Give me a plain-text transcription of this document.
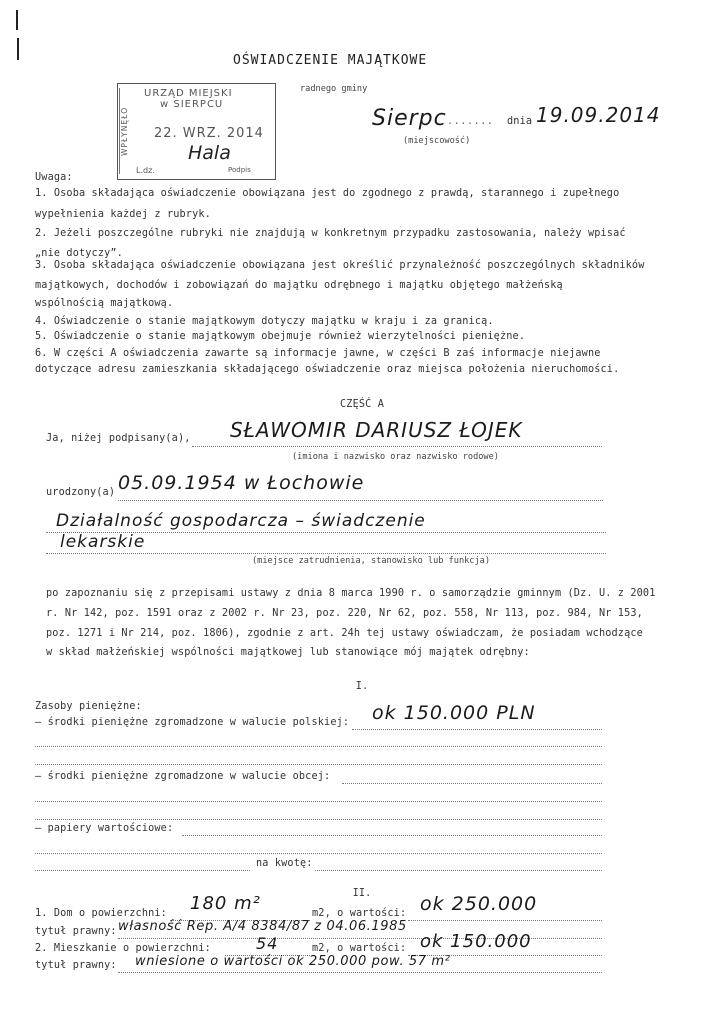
OŚWIADCZENIE MAJĄTKOWE
radnego gminy
Sierpc ....... dnia 19.09.2014
(miejscowość)
WPŁYNĘŁO
URZĄD MIEJSKI
w SIERPCU
22. WRZ. 2014
Hala
L.dz.	Podpis
Uwaga:
1. Osoba składająca oświadczenie obowiązana jest do zgodnego z prawdą, starannego i zupełnego
wypełnienia każdej z rubryk.
2. Jeżeli poszczególne rubryki nie znajdują w konkretnym przypadku zastosowania, należy wpisać
„nie dotyczy”.
3. Osoba składająca oświadczenie obowiązana jest określić przynależność poszczególnych składników
majątkowych, dochodów i zobowiązań do majątku odrębnego i majątku objętego małżeńską
wspólnością majątkową.
4. Oświadczenie o stanie majątkowym dotyczy majątku w kraju i za granicą.
5. Oświadczenie o stanie majątkowym obejmuje również wierzytelności pieniężne.
6. W części A oświadczenia zawarte są informacje jawne, w części B zaś informacje niejawne
dotyczące adresu zamieszkania składającego oświadczenie oraz miejsca położenia nieruchomości.
CZĘŚĆ A
Ja, niżej podpisany(a), SŁAWOMIR DARIUSZ ŁOJEK
(imiona i nazwisko oraz nazwisko rodowe)
urodzony(a) 05.09.1954 w Łochowie
Działalność gospodarcza – świadczenie
lekarskie
(miejsce zatrudnienia, stanowisko lub funkcja)
po zapoznaniu się z przepisami ustawy z dnia 8 marca 1990 r. o samorządzie gminnym (Dz. U. z 2001
r. Nr 142, poz. 1591 oraz z 2002 r. Nr 23, poz. 220, Nr 62, poz. 558, Nr 113, poz. 984, Nr 153,
poz. 1271 i Nr 214, poz. 1806), zgodnie z art. 24h tej ustawy oświadczam, że posiadam wchodzące
w skład małżeńskiej wspólności majątkowej lub stanowiące mój majątek odrębny:
I.
Zasoby pieniężne:
– środki pieniężne zgromadzone w walucie polskiej: ok 150.000 PLN
– środki pieniężne zgromadzone w walucie obcej:
– papiery wartościowe:
na kwotę:
II.
1. Dom o powierzchni: 180 m²	m2, o wartości: ok 250.000
tytuł prawny: własność Rep. A/4 8384/87 z 04.06.1985
2. Mieszkanie o powierzchni:	54	m2, o wartości: ok 150.000
tytuł prawny: wniesione o wartości ok 250.000 pow. 57 m²
